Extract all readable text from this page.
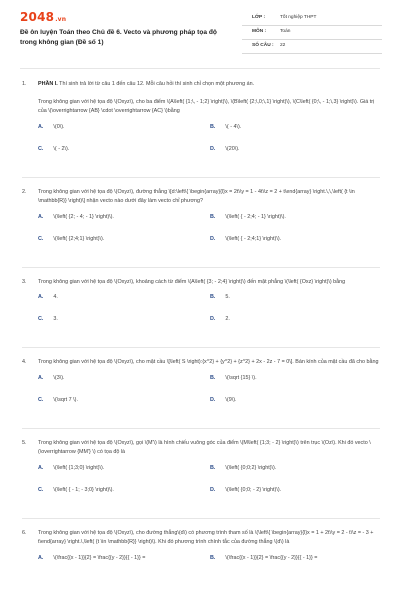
2048.vn
Đề ôn luyện Toán theo Chủ đề 6. Vecto và phương pháp tọa độ trong không gian (Đề số 1)
LỚP :	Tốt nghiệp THPT
MÔN :	Toán
SỐ CÂU : 22
1. PHẦN I. Thí sinh trả lời từ câu 1 đến câu 12. Mỗi câu hỏi thí sinh chỉ chọn một phương án.
Trong không gian với hệ tọa độ \(Oxyz\), cho ba điểm \(A\left( {1;\, - 1;2} \right)\), \(B\left( {2;\,0;\,1} \right)\), \(C\left( {0;\, - 1;\,3} \right)\). Giá trị của \(\overrightarrow {AB} \cdot \overrightarrow {AC} \)bằng
A. \(0\).	B. \( - 4\).
C. \( - 2\).	D. \(20\).
2. Trong không gian với hệ tọa độ \(Oxyz\), đường thẳng \[d:\left\{ \begin{array}{l}x = 2t\\y = 1 - 4t\\z = 2 + t\end{array} \right.\,\,\left( {t \in \mathbb{R}} \right)\] nhận vecto nào dưới đây làm vecto chỉ phương?
A. \(\left( {2; - 4; - 1} \right)\).	B. \(\left( { - 2;4; - 1} \right)\).
C. \(\left( {2;4;1} \right)\).	D. \(\left( { - 2;4;1} \right)\).
3. Trong không gian với hệ tọa độ \(Oxyz\), khoảng cách từ điểm \(A\left( {3; - 2;4} \right)\) đến mặt phẳng \(\left( {Oxz} \right)\) bằng
A. 4.	B. 5.
C. 3.	D. 2.
4. Trong không gian với hệ tọa độ \(Oxyz\), cho mặt cầu \[\left( S \right):{x^2} + {y^2} + {z^2} + 2x - 2z - 7 = 0\]. Bán kính của mặt cầu đã cho bằng
A. \(3\).	B. \(\sqrt {15} \).
C. \(\sqrt 7 \).	D. \(9\).
5. Trong không gian với hệ tọa độ \(Oxyz\), gọi \(M'\) là hình chiếu vuông góc của điểm \(M\left( {1;3; - 2} \right)\) trên trục \(Oz\). Khi đó vecto \(\overrightarrow {MM'} \) có tọa độ là
A. \(\left( {1;3;0} \right)\).	B. \(\left( {0;0;2} \right)\).
C. \(\left( { - 1; - 3;0} \right)\).	D. \(\left( {0;0; - 2} \right)\).
6. Trong không gian với hệ tọa độ \(Oxyz\), cho đường thẳng\(d\) có phương trình tham số là \(\left\{ \begin{array}{l}x = 1 + 2t\\y = 2 - t\\z = - 3 + t\end{array} \right.\,\left( {t \in \mathbb{R}} \right)\). Khi đó phương trình chính tắc của đường thẳng \(d\) là
A. \(\frac{{x - 1}}{2} = \frac{{y - 2}}{{ - 1}} =	B. \(\frac{{x - 1}}{2} = \frac{{y - 2}}{{ - 1}} =
